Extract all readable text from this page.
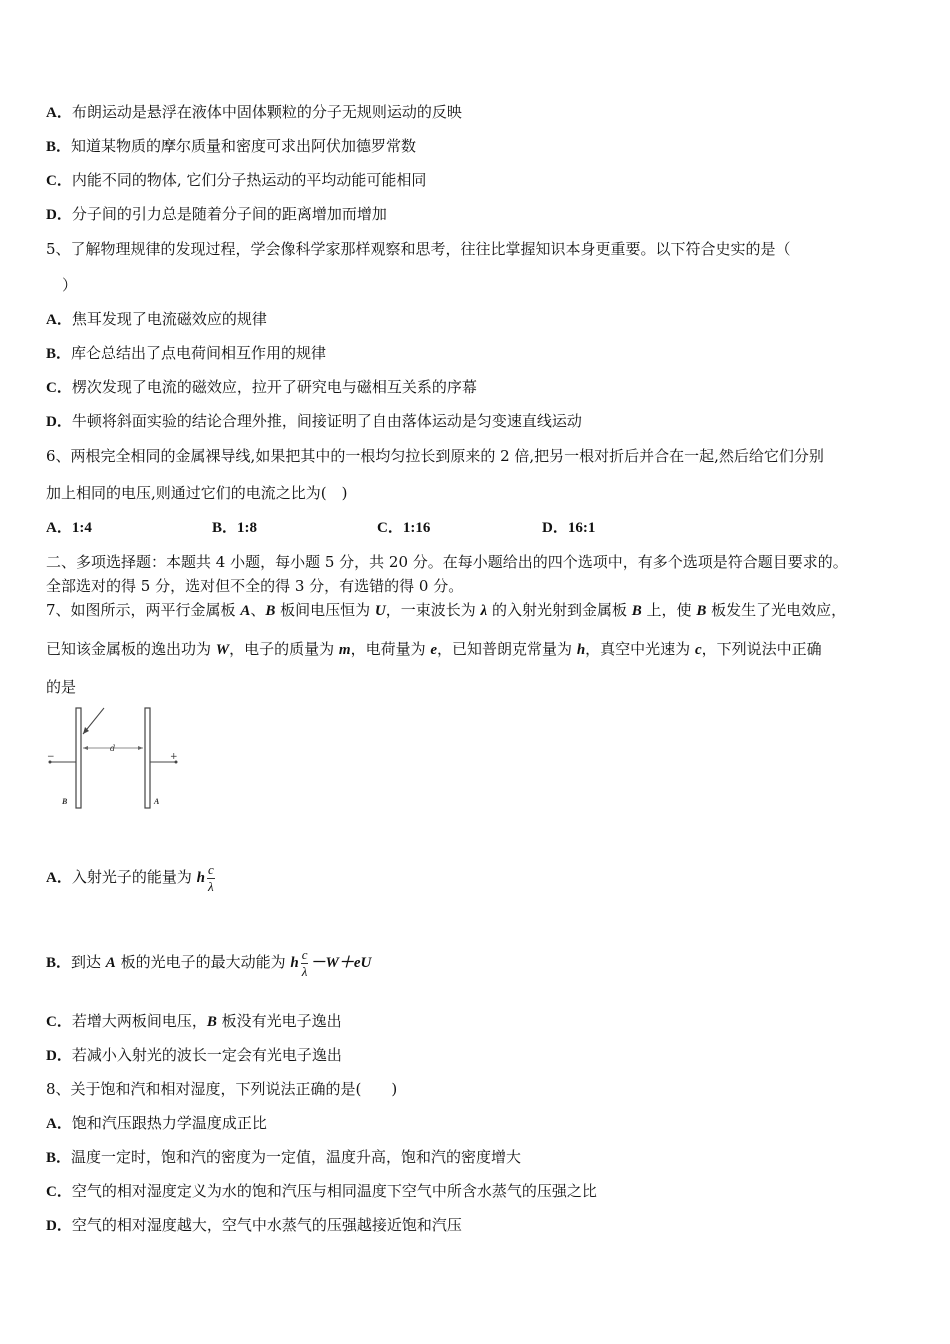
A．布朗运动是悬浮在液体中固体颗粒的分子无规则运动的反映
B．知道某物质的摩尔质量和密度可求出阿伏加德罗常数
C．内能不同的物体, 它们分子热运动的平均动能可能相同
D．分子间的引力总是随着分子间的距离增加而增加
5、了解物理规律的发现过程，学会像科学家那样观察和思考，往往比掌握知识本身更重要。以下符合史实的是（
）
A．焦耳发现了电流磁效应的规律
B．库仑总结出了点电荷间相互作用的规律
C．楞次发现了电流的磁效应，拉开了研究电与磁相互关系的序幕
D．牛顿将斜面实验的结论合理外推，间接证明了自由落体运动是匀变速直线运动
6、两根完全相同的金属裸导线,如果把其中的一根均匀拉长到原来的 2 倍,把另一根对折后并合在一起,然后给它们分别
加上相同的电压,则通过它们的电流之比为(　)
A．1:4	B．1:8	C．1:16	D．16:1
二、多项选择题：本题共 4 小题，每小题 5 分，共 20 分。在每小题给出的四个选项中，有多个选项是符合题目要求的。
全部选对的得 5 分，选对但不全的得 3 分，有选错的得 0 分。
7、如图所示，两平行金属板 A、B 板间电压恒为 U，一束波长为 λ 的入射光射到金属板 B 上，使 B 板发生了光电效应，
已知该金属板的逸出功为 W，电子的质量为 m，电荷量为 e，已知普朗克常量为 h，真空中光速为 c，下列说法中正确
的是
d
−	+
B	A
A．入射光子的能量为 h $\frac{c}{\lambda}$
B．到达 A 板的光电子的最大动能为 h $\frac{c}{\lambda} -W+eU$
C．若增大两板间电压，B 板没有光电子逸出
D．若减小入射光的波长一定会有光电子逸出
8、关于饱和汽和相对湿度，下列说法正确的是(　　)
A．饱和汽压跟热力学温度成正比
B．温度一定时，饱和汽的密度为一定值，温度升高，饱和汽的密度增大
C．空气的相对湿度定义为水的饱和汽压与相同温度下空气中所含水蒸气的压强之比
D．空气的相对湿度越大，空气中水蒸气的压强越接近饱和汽压
